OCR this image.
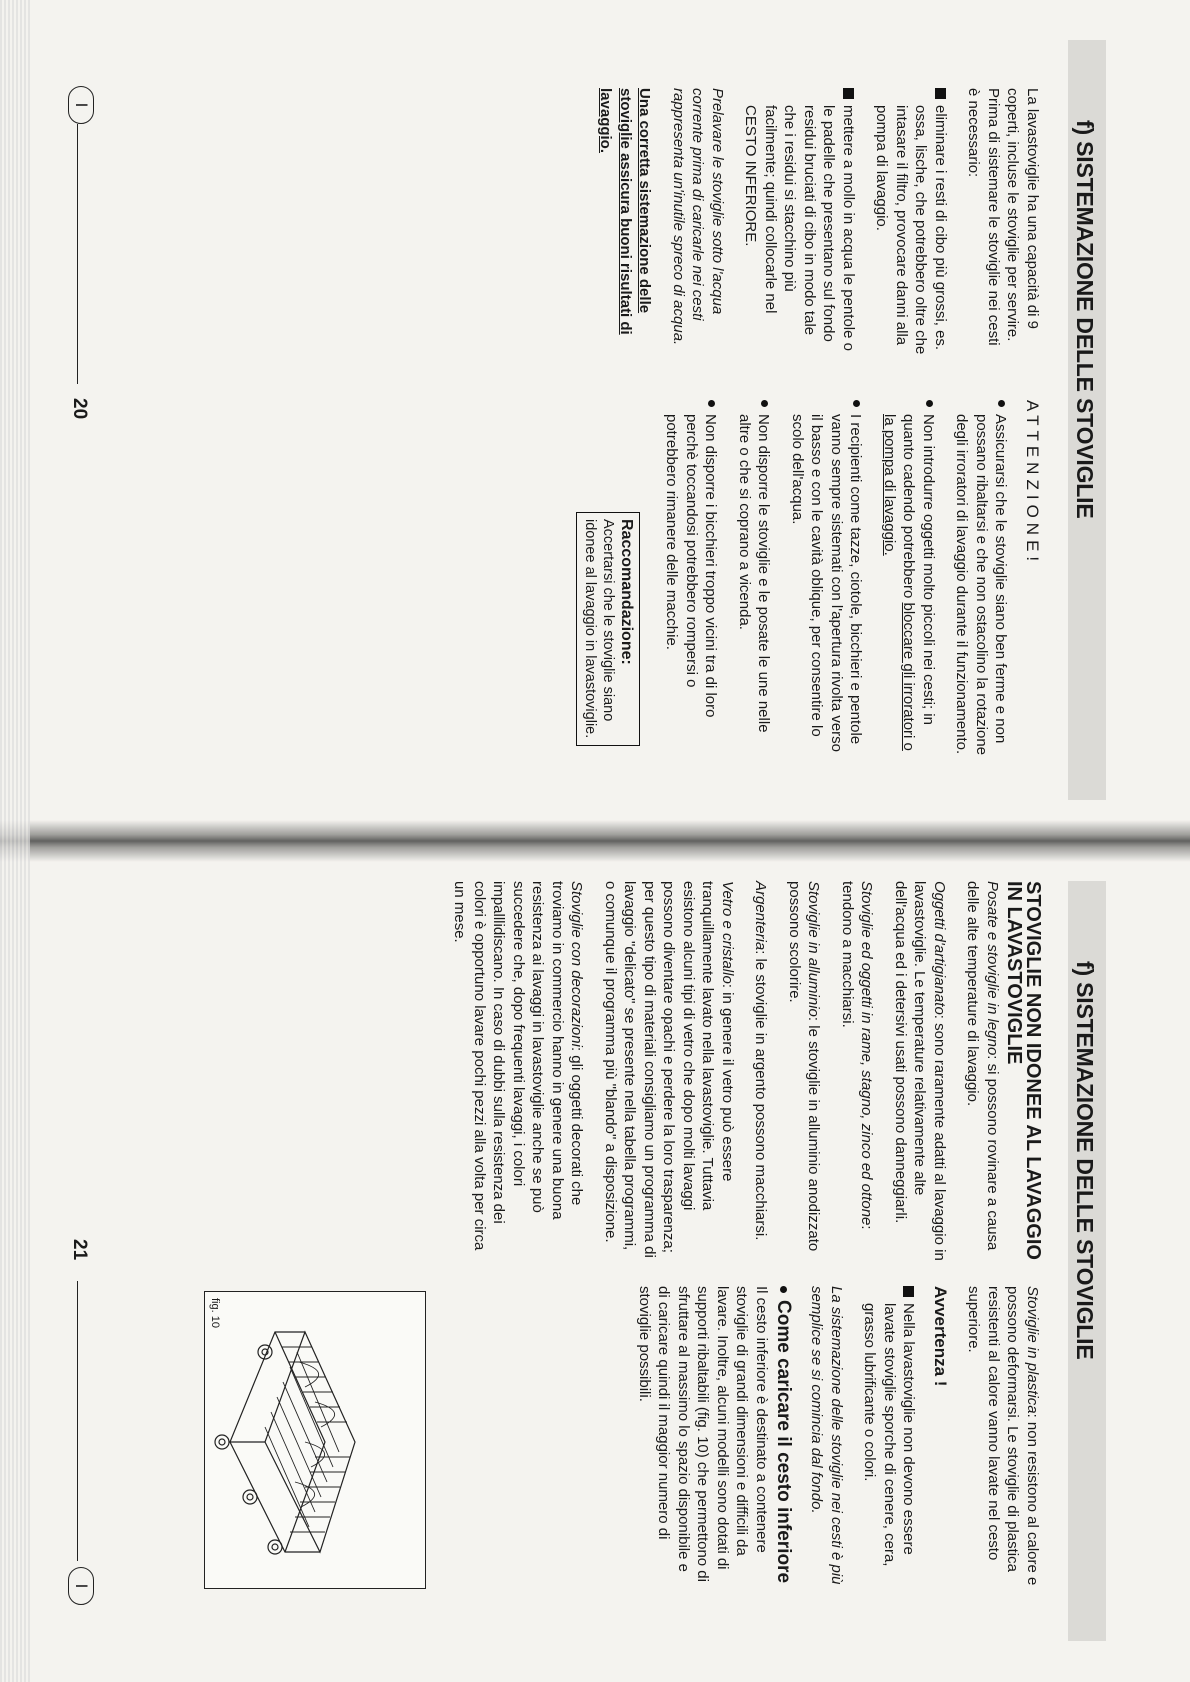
f) SISTEMAZIONE DELLE STOVIGLIE

La lavastoviglie ha una capacità di 9 coperti, incluse le stoviglie per servire. Prima di sistemare le stoviglie nei cesti è necessario:

eliminare i resti di cibo più grossi, es. ossa, lische, che potrebbero oltre che intasare il filtro, provocare danni alla pompa di lavaggio.

mettere a mollo in acqua le pentole o le padelle che presentano sul fondo residui bruciati di cibo in modo tale che i residui si stacchino più facilmente; quindi collocarle nel CESTO INFERIORE.

Prelavare le stoviglie sotto l'acqua corrente prima di caricarle nei cesti rappresenta un'inutile spreco di acqua.

Una corretta sistemazione delle stoviglie assicura buoni risultati di lavaggio.

ATTENZIONE!

Assicurarsi che le stoviglie siano ben ferme e non possano ribaltarsi e che non ostacolino la rotazione degli irroratori di lavaggio durante il funzionamento.

Non introdurre oggetti molto piccoli nei cesti; in quanto cadendo potrebbero bloccare gli irroratori o la pompa di lavaggio.

I recipienti come tazze, ciotole, bicchieri e pentole vanno sempre sistemati con l'apertura rivolta verso il basso e con le cavità oblique, per consentire lo scolo dell'acqua.

Non disporre le stoviglie e le posate le une nelle altre o che si coprano a vicenda.

Non disporre i bicchieri troppo vicini tra di loro perchè toccandosi potrebbero rompersi o potrebbero rimanere delle macchie.

Raccomandazione:
Accertarsi che le stoviglie siano idonee al lavaggio in lavastoviglie.
I
20
f) SISTEMAZIONE DELLE STOVIGLIE
STOVIGLIE NON IDONEE AL LAVAGGIO IN LAVASTOVIGLIE

Posate e stoviglie in legno: si possono rovinare a causa delle alte temperature di lavaggio.

Oggetti d'artigianato: sono raramente adatti al lavaggio in lavastoviglie. Le temperature relativamente alte dell'acqua ed i detersivi usati possono danneggiarli.

Stoviglie ed oggetti in rame, stagno, zinco ed ottone: tendono a macchiarsi.

Stoviglie in alluminio: le stoviglie in alluminio anodizzato possono scolorire.

Argenteria: le stoviglie in argento possono macchiarsi.

Vetro e cristallo: in genere il vetro può essere tranquillamente lavato nella lavastoviglie. Tuttavia esistono alcuni tipi di vetro che dopo molti lavaggi possono diventare opachi e perdere la loro trasparenza; per questo tipo di materiali consigliamo un programma di lavaggio "delicato" se presente nella tabella programmi, o comunque il programma più "blando" a disposizione.

Stoviglie con decorazioni: gli oggetti decorati che troviamo in commercio hanno in genere una buona resistenza ai lavaggi in lavastoviglie anche se può succedere che, dopo frequenti lavaggi, i colori impalllidiscano. In caso di dubbi sulla resistenza dei colori è opportuno lavare pochi pezzi alla volta per circa un mese.

Stoviglie in plastica: non resistono al calore e possono deformarsi. Le stoviglie di plastica resistenti al calore vanno lavate nel cesto superiore.

Avvertenza !

Nella lavastoviglie non devono essere lavate stoviglie sporche di cenere, cera, grasso lubrificante o colori.

La sistemazione delle stoviglie nei cesti è più semplice se si comincia dal fondo.

Come caricare il cesto inferiore

Il cesto inferiore è destinato a contenere stoviglie di grandi dimensioni e difficili da lavare. Inoltre, alcuni modelli sono dotati di supporti ribaltabili (fig. 10) che permettono di sfruttare al massimo lo spazio disponibile e di caricare quindi il maggior numero di stoviglie possibili.

fig. 10
21
I
